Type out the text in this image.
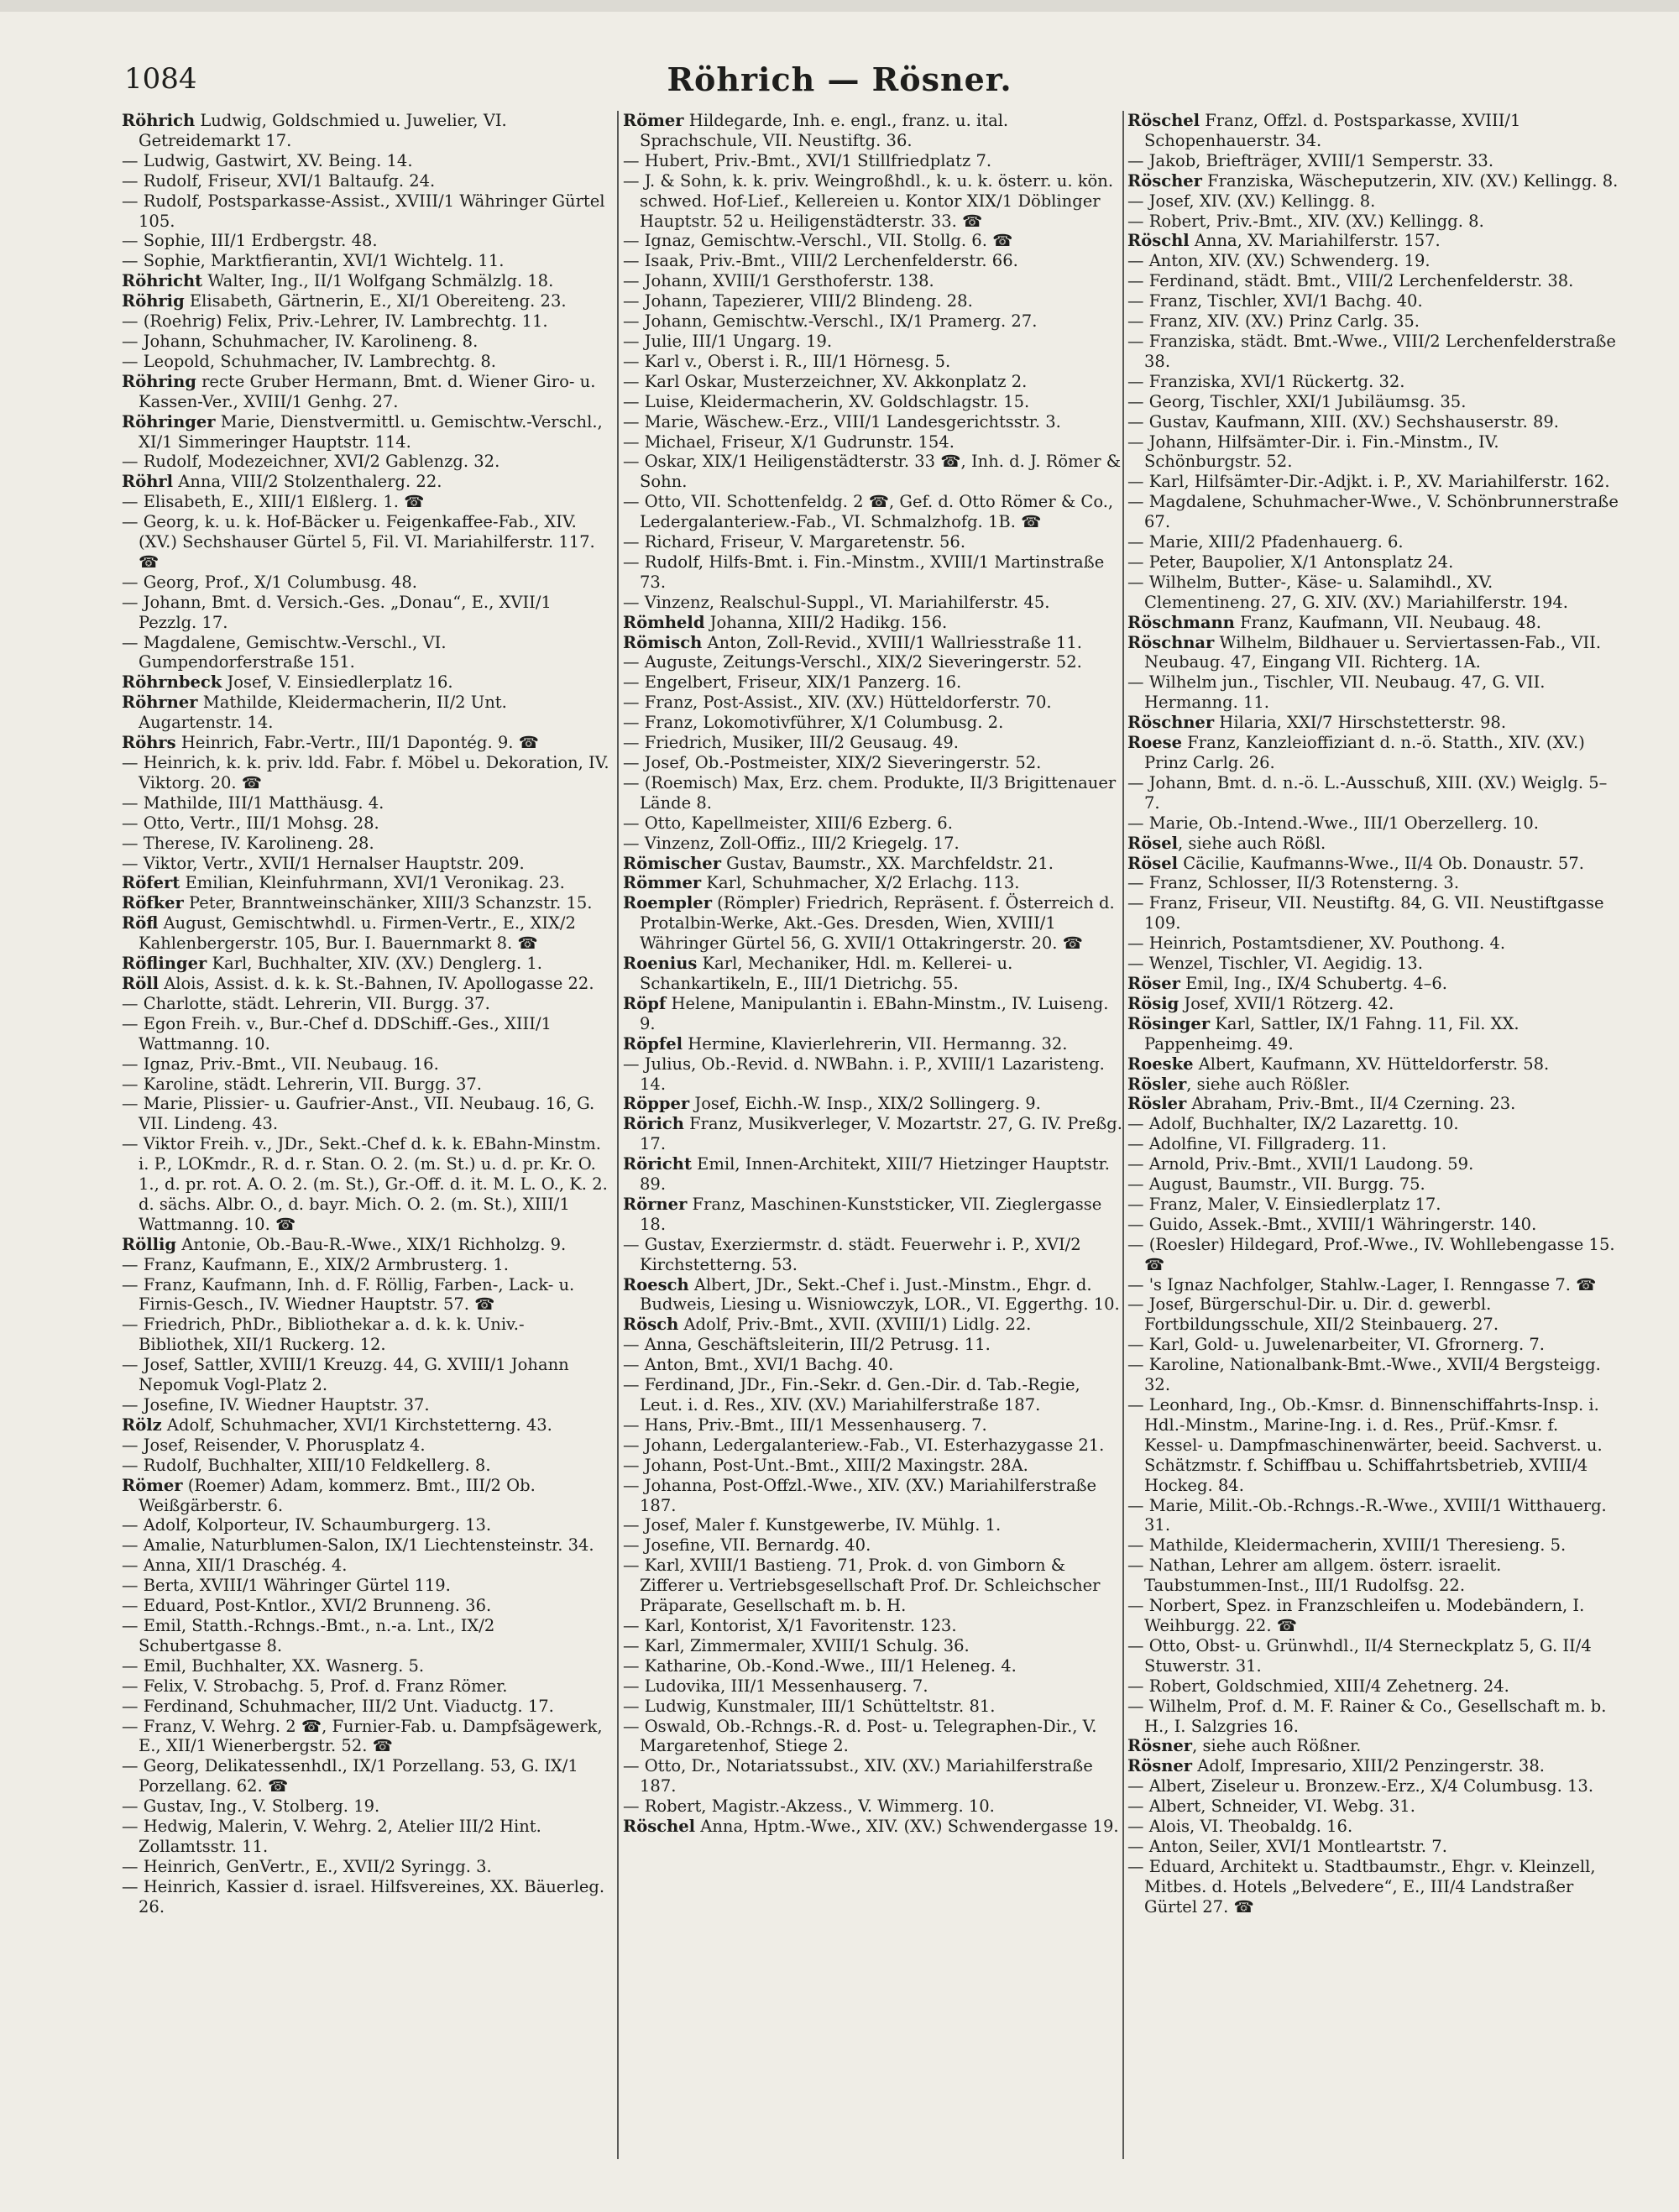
1084	Röhrich — Rösner.

Röhrich Ludwig, Goldschmied u. Juwelier, VI. Getreidemarkt 17.

— Ludwig, Gastwirt, XV. Being. 14.

— Rudolf, Friseur, XVI/1 Baltaufg. 24.

— Rudolf, Postsparkasse-Assist., XVIII/1 Währinger Gürtel 105.

— Sophie, III/1 Erdbergstr. 48.

— Sophie, Marktfierantin, XVI/1 Wichtelg. 11.

Röhricht Walter, Ing., II/1 Wolfgang Schmälzlg. 18.

Röhrig Elisabeth, Gärtnerin, E., XI/1 Obereiteng. 23.

— (Roehrig) Felix, Priv.-Lehrer, IV. Lambrechtg. 11.

— Johann, Schuhmacher, IV. Karolineng. 8.

— Leopold, Schuhmacher, IV. Lambrechtg. 8.

Röhring recte Gruber Hermann, Bmt. d. Wiener Giro- u. Kassen-Ver., XVIII/1 Genhg. 27.

Röhringer Marie, Dienstvermittl. u. Gemischtw.-Verschl., XI/1 Simmeringer Hauptstr. 114.

— Rudolf, Modezeichner, XVI/2 Gablenzg. 32.

Röhrl Anna, VIII/2 Stolzenthalerg. 22.

— Elisabeth, E., XIII/1 Elßlerg. 1. ☎

— Georg, k. u. k. Hof-Bäcker u. Feigenkaffee-Fab., XIV. (XV.) Sechshauser Gürtel 5, Fil. VI. Mariahilferstr. 117. ☎

— Georg, Prof., X/1 Columbusg. 48.

— Johann, Bmt. d. Versich.-Ges. „Donau“, E., XVII/1 Pezzlg. 17.

— Magdalene, Gemischtw.-Verschl., VI. Gumpendorferstraße 151.

Röhrnbeck Josef, V. Einsiedlerplatz 16.

Röhrner Mathilde, Kleidermacherin, II/2 Unt. Augartenstr. 14.

Röhrs Heinrich, Fabr.-Vertr., III/1 Dapontég. 9. ☎

— Heinrich, k. k. priv. ldd. Fabr. f. Möbel u. Dekoration, IV. Viktorg. 20. ☎

— Mathilde, III/1 Matthäusg. 4.

— Otto, Vertr., III/1 Mohsg. 28.

— Therese, IV. Karolineng. 28.

— Viktor, Vertr., XVII/1 Hernalser Hauptstr. 209.

Röfert Emilian, Kleinfuhrmann, XVI/1 Veronikag. 23.

Röfker Peter, Branntweinschänker, XIII/3 Schanzstr. 15.

Röfl August, Gemischtwhdl. u. Firmen-Vertr., E., XIX/2 Kahlenbergerstr. 105, Bur. I. Bauernmarkt 8. ☎

Röflinger Karl, Buchhalter, XIV. (XV.) Denglerg. 1.

Röll Alois, Assist. d. k. k. St.-Bahnen, IV. Apollogasse 22.

— Charlotte, städt. Lehrerin, VII. Burgg. 37.

— Egon Freih. v., Bur.-Chef d. DDSchiff.-Ges., XIII/1 Wattmanng. 10.

— Ignaz, Priv.-Bmt., VII. Neubaug. 16.

— Karoline, städt. Lehrerin, VII. Burgg. 37.

— Marie, Plissier- u. Gaufrier-Anst., VII. Neubaug. 16, G. VII. Lindeng. 43.

— Viktor Freih. v., JDr., Sekt.-Chef d. k. k. EBahn-Minstm. i. P., LOKmdr., R. d. r. Stan. O. 2. (m. St.) u. d. pr. Kr. O. 1., d. pr. rot. A. O. 2. (m. St.), Gr.-Off. d. it. M. L. O., K. 2. d. sächs. Albr. O., d. bayr. Mich. O. 2. (m. St.), XIII/1 Wattmanng. 10. ☎

Röllig Antonie, Ob.-Bau-R.-Wwe., XIX/1 Richholzg. 9.

— Franz, Kaufmann, E., XIX/2 Armbrusterg. 1.

— Franz, Kaufmann, Inh. d. F. Röllig, Farben-, Lack- u. Firnis-Gesch., IV. Wiedner Hauptstr. 57. ☎

— Friedrich, PhDr., Bibliothekar a. d. k. k. Univ.-Bibliothek, XII/1 Ruckerg. 12.

— Josef, Sattler, XVIII/1 Kreuzg. 44, G. XVIII/1 Johann Nepomuk Vogl-Platz 2.

— Josefine, IV. Wiedner Hauptstr. 37.

Rölz Adolf, Schuhmacher, XVI/1 Kirchstetterng. 43.

— Josef, Reisender, V. Phorusplatz 4.

— Rudolf, Buchhalter, XIII/10 Feldkellerg. 8.

Römer (Roemer) Adam, kommerz. Bmt., III/2 Ob. Weißgärberstr. 6.

— Adolf, Kolporteur, IV. Schaumburgerg. 13.

— Amalie, Naturblumen-Salon, IX/1 Liechtensteinstr. 34.

— Anna, XII/1 Draschég. 4.

— Berta, XVIII/1 Währinger Gürtel 119.

— Eduard, Post-Kntlor., XVI/2 Brunneng. 36.

— Emil, Statth.-Rchngs.-Bmt., n.-a. Lnt., IX/2 Schubertgasse 8.

— Emil, Buchhalter, XX. Wasnerg. 5.

— Felix, V. Strobachg. 5, Prof. d. Franz Römer.

— Ferdinand, Schuhmacher, III/2 Unt. Viaductg. 17.

— Franz, V. Wehrg. 2 ☎, Furnier-Fab. u. Dampfsägewerk, E., XII/1 Wienerbergstr. 52. ☎

— Georg, Delikatessenhdl., IX/1 Porzellang. 53, G. IX/1 Porzellang. 62. ☎

— Gustav, Ing., V. Stolberg. 19.

— Hedwig, Malerin, V. Wehrg. 2, Atelier III/2 Hint. Zollamtsstr. 11.

— Heinrich, GenVertr., E., XVII/2 Syringg. 3.

— Heinrich, Kassier d. israel. Hilfsvereines, XX. Bäuerleg. 26.

Römer Hildegarde, Inh. e. engl., franz. u. ital. Sprachschule, VII. Neustiftg. 36.

— Hubert, Priv.-Bmt., XVI/1 Stillfriedplatz 7.

— J. & Sohn, k. k. priv. Weingroßhdl., k. u. k. österr. u. kön. schwed. Hof-Lief., Kellereien u. Kontor XIX/1 Döblinger Hauptstr. 52 u. Heiligenstädterstr. 33. ☎

— Ignaz, Gemischtw.-Verschl., VII. Stollg. 6. ☎

— Isaak, Priv.-Bmt., VIII/2 Lerchenfelderstr. 66.

— Johann, XVIII/1 Gersthoferstr. 138.

— Johann, Tapezierer, VIII/2 Blindeng. 28.

— Johann, Gemischtw.-Verschl., IX/1 Pramerg. 27.

— Julie, III/1 Ungarg. 19.

— Karl v., Oberst i. R., III/1 Hörnesg. 5.

— Karl Oskar, Musterzeichner, XV. Akkonplatz 2.

— Luise, Kleidermacherin, XV. Goldschlagstr. 15.

— Marie, Wäschew.-Erz., VIII/1 Landesgerichtsstr. 3.

— Michael, Friseur, X/1 Gudrunstr. 154.

— Oskar, XIX/1 Heiligenstädterstr. 33 ☎, Inh. d. J. Römer & Sohn.

— Otto, VII. Schottenfeldg. 2 ☎, Gef. d. Otto Römer & Co., Ledergalanteriew.-Fab., VI. Schmalzhofg. 1B. ☎

— Richard, Friseur, V. Margaretenstr. 56.

— Rudolf, Hilfs-Bmt. i. Fin.-Minstm., XVIII/1 Martinstraße 73.

— Vinzenz, Realschul-Suppl., VI. Mariahilferstr. 45.

Römheld Johanna, XIII/2 Hadikg. 156.

Römisch Anton, Zoll-Revid., XVIII/1 Wallriesstraße 11.

— Auguste, Zeitungs-Verschl., XIX/2 Sieveringerstr. 52.

— Engelbert, Friseur, XIX/1 Panzerg. 16.

— Franz, Post-Assist., XIV. (XV.) Hütteldorferstr. 70.

— Franz, Lokomotivführer, X/1 Columbusg. 2.

— Friedrich, Musiker, III/2 Geusaug. 49.

— Josef, Ob.-Postmeister, XIX/2 Sieveringerstr. 52.

— (Roemisch) Max, Erz. chem. Produkte, II/3 Brigittenauer Lände 8.

— Otto, Kapellmeister, XIII/6 Ezberg. 6.

— Vinzenz, Zoll-Offiz., III/2 Kriegelg. 17.

Römischer Gustav, Baumstr., XX. Marchfeldstr. 21.

Römmer Karl, Schuhmacher, X/2 Erlachg. 113.

Roempler (Römpler) Friedrich, Repräsent. f. Österreich d. Protalbin-Werke, Akt.-Ges. Dresden, Wien, XVIII/1 Währinger Gürtel 56, G. XVII/1 Ottakringerstr. 20. ☎

Roenius Karl, Mechaniker, Hdl. m. Kellerei- u. Schankartikeln, E., III/1 Dietrichg. 55.

Röpf Helene, Manipulantin i. EBahn-Minstm., IV. Luiseng. 9.

Röpfel Hermine, Klavierlehrerin, VII. Hermanng. 32.

— Julius, Ob.-Revid. d. NWBahn. i. P., XVIII/1 Lazaristeng. 14.

Röpper Josef, Eichh.-W. Insp., XIX/2 Sollingerg. 9.

Rörich Franz, Musikverleger, V. Mozartstr. 27, G. IV. Preßg. 17.

Röricht Emil, Innen-Architekt, XIII/7 Hietzinger Hauptstr. 89.

Rörner Franz, Maschinen-Kunststicker, VII. Zieglergasse 18.

— Gustav, Exerziermstr. d. städt. Feuerwehr i. P., XVI/2 Kirchstetterng. 53.

Roesch Albert, JDr., Sekt.-Chef i. Just.-Minstm., Ehgr. d. Budweis, Liesing u. Wisniowczyk, LOR., VI. Eggerthg. 10.

Rösch Adolf, Priv.-Bmt., XVII. (XVIII/1) Lidlg. 22.

— Anna, Geschäftsleiterin, III/2 Petrusg. 11.

— Anton, Bmt., XVI/1 Bachg. 40.

— Ferdinand, JDr., Fin.-Sekr. d. Gen.-Dir. d. Tab.-Regie, Leut. i. d. Res., XIV. (XV.) Mariahilferstraße 187.

— Hans, Priv.-Bmt., III/1 Messenhauserg. 7.

— Johann, Ledergalanteriew.-Fab., VI. Esterhazygasse 21.

— Johann, Post-Unt.-Bmt., XIII/2 Maxingstr. 28A.

— Johanna, Post-Offzl.-Wwe., XIV. (XV.) Mariahilferstraße 187.

— Josef, Maler f. Kunstgewerbe, IV. Mühlg. 1.

— Josefine, VII. Bernardg. 40.

— Karl, XVIII/1 Bastieng. 71, Prok. d. von Gimborn & Zifferer u. Vertriebsgesellschaft Prof. Dr. Schleichscher Präparate, Gesellschaft m. b. H.

— Karl, Kontorist, X/1 Favoritenstr. 123.

— Karl, Zimmermaler, XVIII/1 Schulg. 36.

— Katharine, Ob.-Kond.-Wwe., III/1 Heleneg. 4.

— Ludovika, III/1 Messenhauserg. 7.

— Ludwig, Kunstmaler, III/1 Schütteltstr. 81.

— Oswald, Ob.-Rchngs.-R. d. Post- u. Telegraphen-Dir., V. Margaretenhof, Stiege 2.

— Otto, Dr., Notariatssubst., XIV. (XV.) Mariahilferstraße 187.

— Robert, Magistr.-Akzess., V. Wimmerg. 10.

Röschel Anna, Hptm.-Wwe., XIV. (XV.) Schwendergasse 19.

Röschel Franz, Offzl. d. Postsparkasse, XVIII/1 Schopenhauerstr. 34.

— Jakob, Briefträger, XVIII/1 Semperstr. 33.

Röscher Franziska, Wäscheputzerin, XIV. (XV.) Kellingg. 8.

— Josef, XIV. (XV.) Kellingg. 8.

— Robert, Priv.-Bmt., XIV. (XV.) Kellingg. 8.

Röschl Anna, XV. Mariahilferstr. 157.

— Anton, XIV. (XV.) Schwenderg. 19.

— Ferdinand, städt. Bmt., VIII/2 Lerchenfelderstr. 38.

— Franz, Tischler, XVI/1 Bachg. 40.

— Franz, XIV. (XV.) Prinz Carlg. 35.

— Franziska, städt. Bmt.-Wwe., VIII/2 Lerchenfelderstraße 38.

— Franziska, XVI/1 Rückertg. 32.

— Georg, Tischler, XXI/1 Jubiläumsg. 35.

— Gustav, Kaufmann, XIII. (XV.) Sechshauserstr. 89.

— Johann, Hilfsämter-Dir. i. Fin.-Minstm., IV. Schönburgstr. 52.

— Karl, Hilfsämter-Dir.-Adjkt. i. P., XV. Mariahilferstr. 162.

— Magdalene, Schuhmacher-Wwe., V. Schönbrunnerstraße 67.

— Marie, XIII/2 Pfadenhauerg. 6.

— Peter, Baupolier, X/1 Antonsplatz 24.

— Wilhelm, Butter-, Käse- u. Salamihdl., XV. Clementineng. 27, G. XIV. (XV.) Mariahilferstr. 194.

Röschmann Franz, Kaufmann, VII. Neubaug. 48.

Röschnar Wilhelm, Bildhauer u. Serviertassen-Fab., VII. Neubaug. 47, Eingang VII. Richterg. 1A.

— Wilhelm jun., Tischler, VII. Neubaug. 47, G. VII. Hermanng. 11.

Röschner Hilaria, XXI/7 Hirschstetterstr. 98.

Roese Franz, Kanzleioffiziant d. n.-ö. Statth., XIV. (XV.) Prinz Carlg. 26.

— Johann, Bmt. d. n.-ö. L.-Ausschuß, XIII. (XV.) Weiglg. 5–7.

— Marie, Ob.-Intend.-Wwe., III/1 Oberzellerg. 10.

Rösel, siehe auch Rößl.

Rösel Cäcilie, Kaufmanns-Wwe., II/4 Ob. Donaustr. 57.

— Franz, Schlosser, II/3 Rotensterng. 3.

— Franz, Friseur, VII. Neustiftg. 84, G. VII. Neustiftgasse 109.

— Heinrich, Postamtsdiener, XV. Pouthong. 4.

— Wenzel, Tischler, VI. Aegidig. 13.

Röser Emil, Ing., IX/4 Schubertg. 4–6.

Rösig Josef, XVII/1 Rötzerg. 42.

Rösinger Karl, Sattler, IX/1 Fahng. 11, Fil. XX. Pappenheimg. 49.

Roeske Albert, Kaufmann, XV. Hütteldorferstr. 58.

Rösler, siehe auch Rößler.

Rösler Abraham, Priv.-Bmt., II/4 Czerning. 23.

— Adolf, Buchhalter, IX/2 Lazarettg. 10.

— Adolfine, VI. Fillgraderg. 11.

— Arnold, Priv.-Bmt., XVII/1 Laudong. 59.

— August, Baumstr., VII. Burgg. 75.

— Franz, Maler, V. Einsiedlerplatz 17.

— Guido, Assek.-Bmt., XVIII/1 Währingerstr. 140.

— (Roesler) Hildegard, Prof.-Wwe., IV. Wohllebengasse 15. ☎

— 's Ignaz Nachfolger, Stahlw.-Lager, I. Renngasse 7. ☎

— Josef, Bürgerschul-Dir. u. Dir. d. gewerbl. Fortbildungsschule, XII/2 Steinbauerg. 27.

— Karl, Gold- u. Juwelenarbeiter, VI. Gfrornerg. 7.

— Karoline, Nationalbank-Bmt.-Wwe., XVII/4 Bergsteigg. 32.

— Leonhard, Ing., Ob.-Kmsr. d. Binnenschiffahrts-Insp. i. Hdl.-Minstm., Marine-Ing. i. d. Res., Prüf.-Kmsr. f. Kessel- u. Dampfmaschinenwärter, beeid. Sachverst. u. Schätzmstr. f. Schiffbau u. Schiffahrtsbetrieb, XVIII/4 Hockeg. 84.

— Marie, Milit.-Ob.-Rchngs.-R.-Wwe., XVIII/1 Witthauerg. 31.

— Mathilde, Kleidermacherin, XVIII/1 Theresieng. 5.

— Nathan, Lehrer am allgem. österr. israelit. Taubstummen-Inst., III/1 Rudolfsg. 22.

— Norbert, Spez. in Franzschleifen u. Modebändern, I. Weihburgg. 22. ☎

— Otto, Obst- u. Grünwhdl., II/4 Sterneckplatz 5, G. II/4 Stuwerstr. 31.

— Robert, Goldschmied, XIII/4 Zehetnerg. 24.

— Wilhelm, Prof. d. M. F. Rainer & Co., Gesellschaft m. b. H., I. Salzgries 16.

Rösner, siehe auch Rößner.

Rösner Adolf, Impresario, XIII/2 Penzingerstr. 38.

— Albert, Ziseleur u. Bronzew.-Erz., X/4 Columbusg. 13.

— Albert, Schneider, VI. Webg. 31.

— Alois, VI. Theobaldg. 16.

— Anton, Seiler, XVI/1 Montleartstr. 7.

— Eduard, Architekt u. Stadtbaumstr., Ehgr. v. Kleinzell, Mitbes. d. Hotels „Belvedere“, E., III/4 Landstraßer Gürtel 27. ☎
